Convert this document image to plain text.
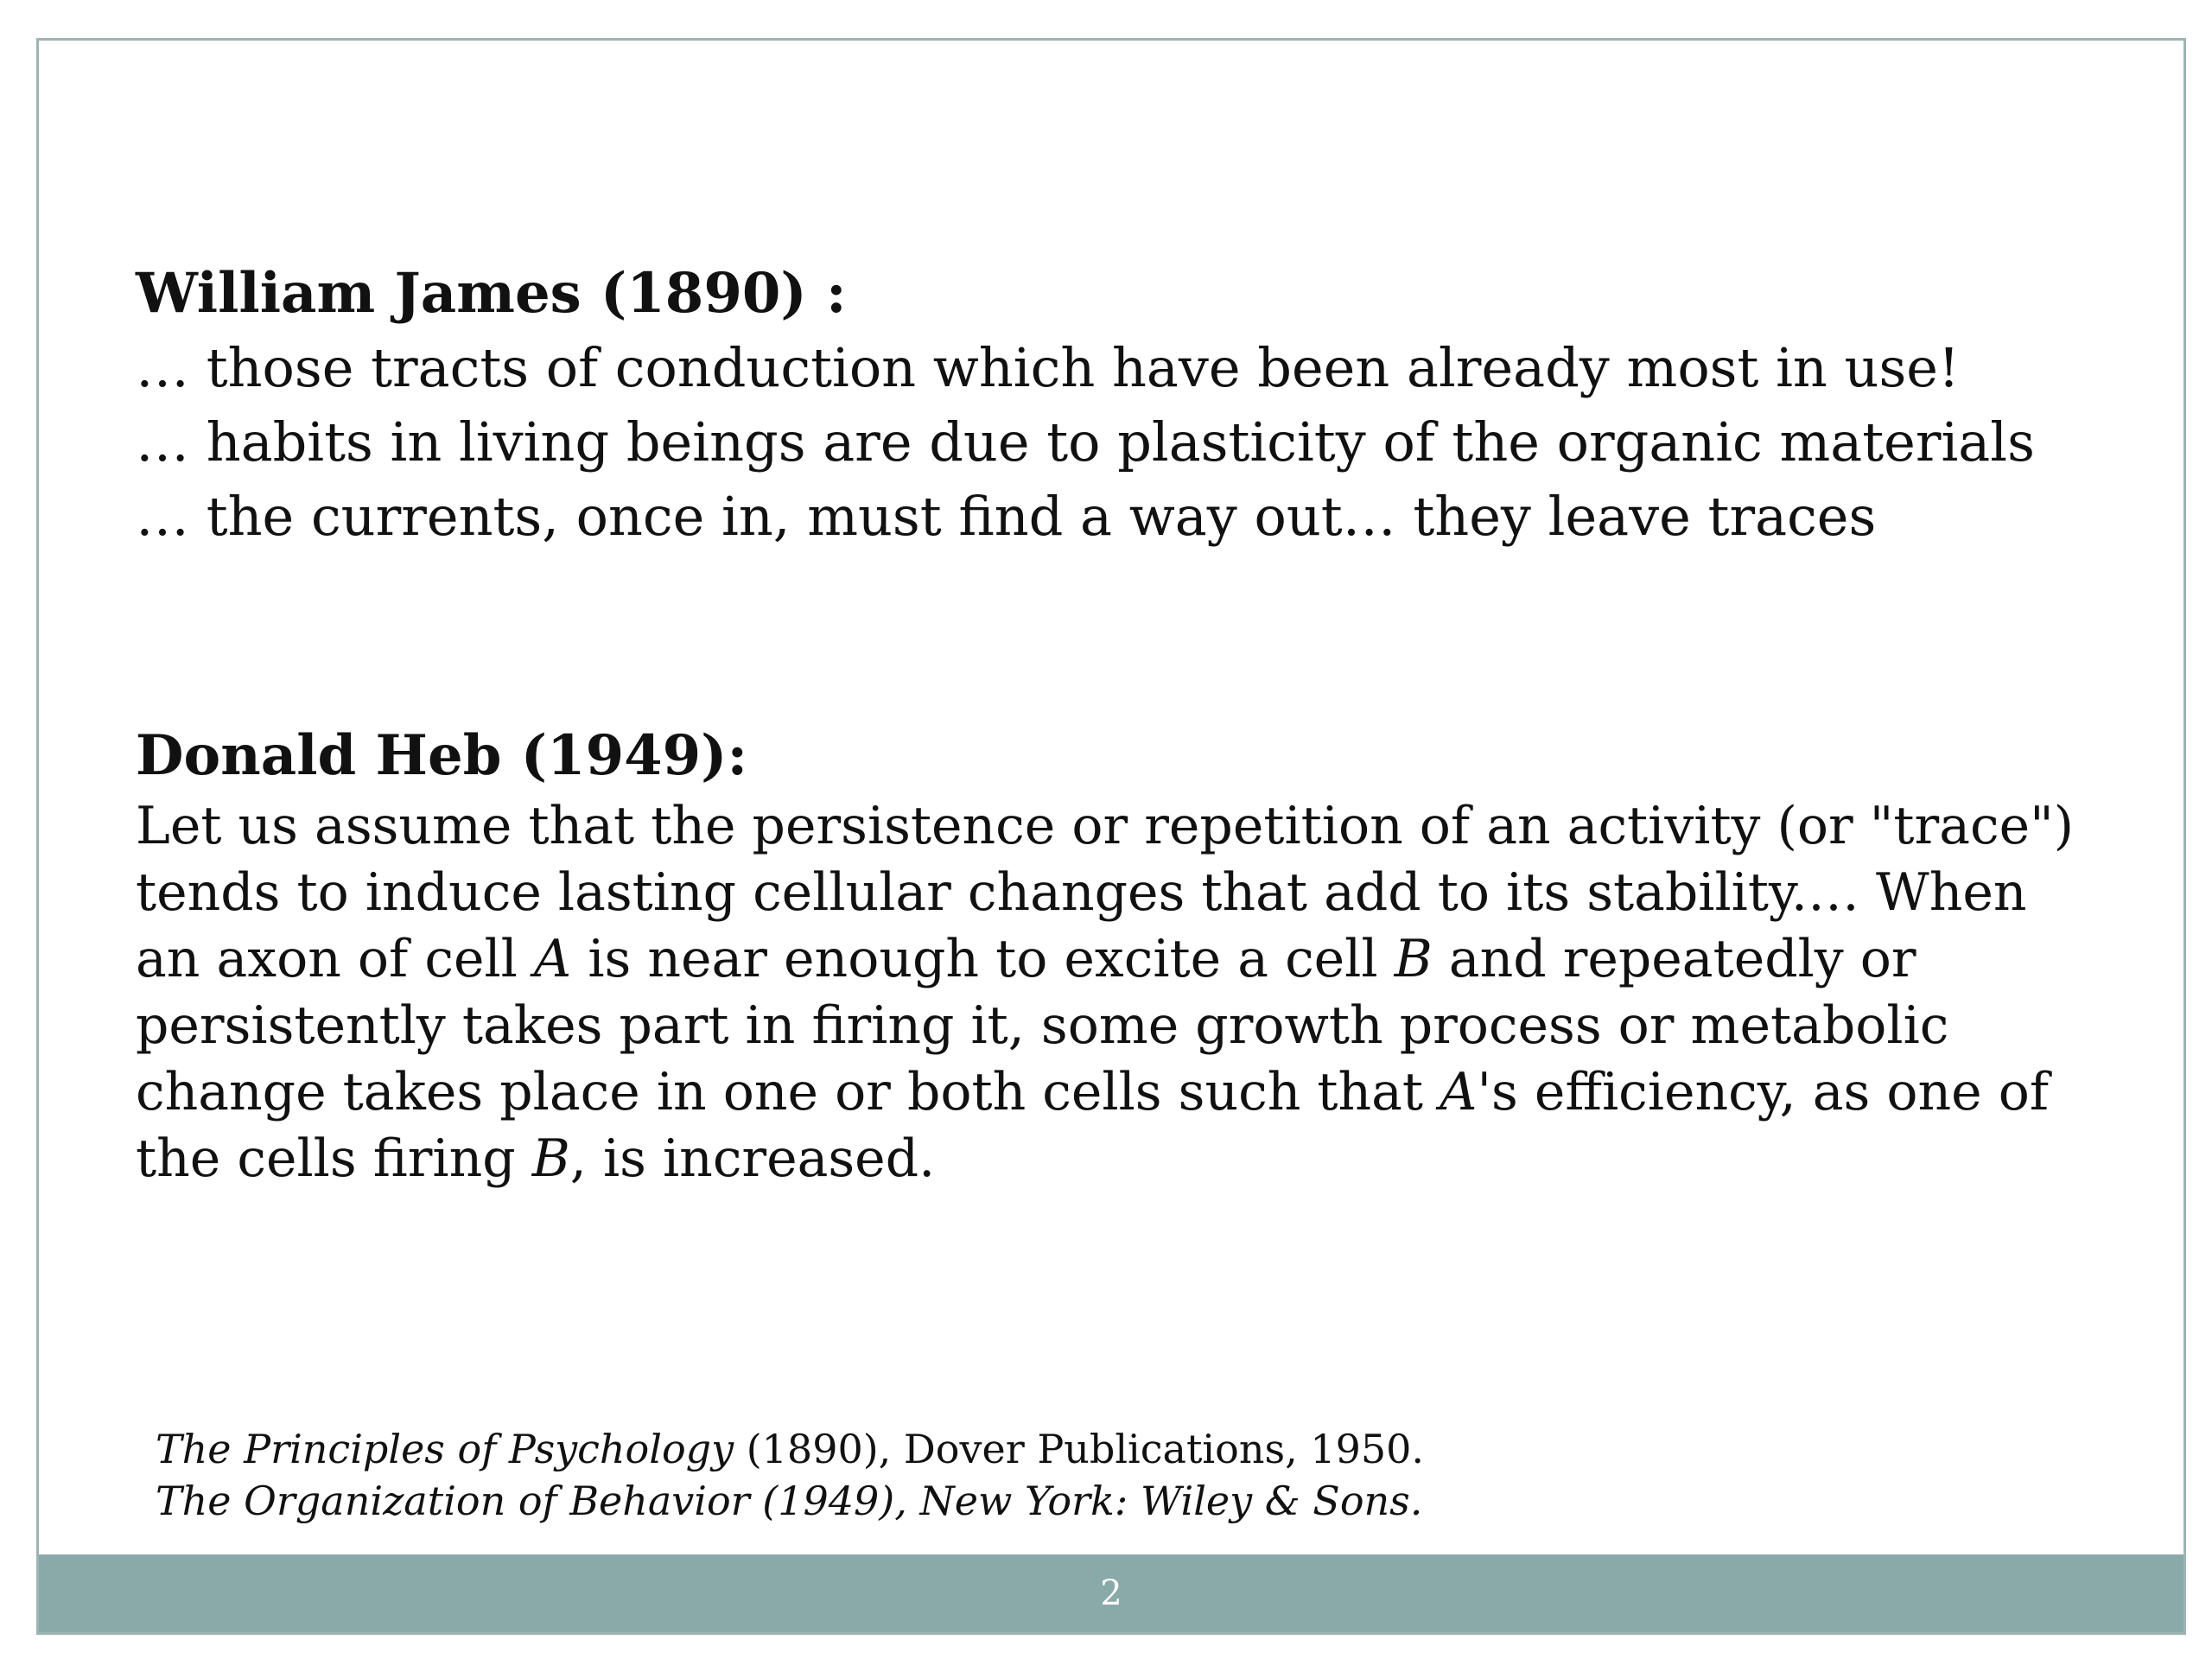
William James (1890) :
… those tracts of conduction which have been already most in use!
… habits in living beings are due to plasticity of the organic materials
… the currents, once in, must find a way out… they leave traces
Donald Heb (1949):
Let us assume that the persistence or repetition of an activity (or "trace")
tends to induce lasting cellular changes that add to its stability.… When
an axon of cell A is near enough to excite a cell B and repeatedly or
persistently takes part in firing it, some growth process or metabolic
change takes place in one or both cells such that A's efficiency, as one of
the cells firing B, is increased.
The Principles of Psychology (1890), Dover Publications, 1950.
The Organization of Behavior (1949), New York: Wiley & Sons.
2
